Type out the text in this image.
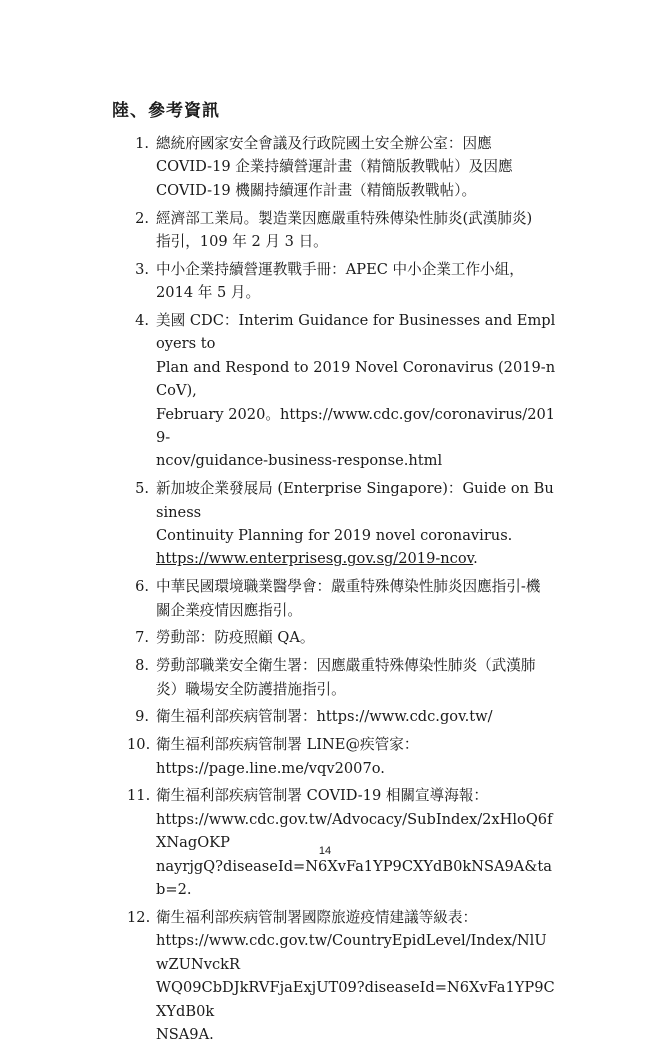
陸、參考資訊
1. 總統府國家安全會議及行政院國土安全辦公室：因應
COVID-19 企業持續營運計畫（精簡版教戰帖）及因應
COVID-19 機關持續運作計畫（精簡版教戰帖）。
2. 經濟部工業局。製造業因應嚴重特殊傳染性肺炎(武漢肺炎)
指引，109 年 2 月 3 日。
3. 中小企業持續營運教戰手冊：APEC 中小企業工作小組，
2014 年 5 月。
4. 美國 CDC：Interim Guidance for Businesses and Employers to
Plan and Respond to 2019 Novel Coronavirus (2019-nCoV),
February 2020。https://www.cdc.gov/coronavirus/2019-
ncov/guidance-business-response.html
5. 新加坡企業發展局 (Enterprise Singapore)：Guide on Business
Continuity Planning for 2019 novel coronavirus.
https://www.enterprisesg.gov.sg/2019-ncov.
6. 中華民國環境職業醫學會：嚴重特殊傳染性肺炎因應指引-機
關企業疫情因應指引。
7. 勞動部：防疫照顧 QA。
8. 勞動部職業安全衛生署：因應嚴重特殊傳染性肺炎（武漢肺
炎）職場安全防護措施指引。
9. 衛生福利部疾病管制署：https://www.cdc.gov.tw/
10. 衛生福利部疾病管制署 LINE@疾管家：
https://page.line.me/vqv2007o.
11. 衛生福利部疾病管制署 COVID-19 相關宣導海報：
https://www.cdc.gov.tw/Advocacy/SubIndex/2xHloQ6fXNagOKP
nayrjgQ?diseaseId=N6XvFa1YP9CXYdB0kNSA9A&tab=2.
12. 衛生福利部疾病管制署國際旅遊疫情建議等級表：
https://www.cdc.gov.tw/CountryEpidLevel/Index/NlUwZUNvckR
WQ09CbDJkRVFjaExjUT09?diseaseId=N6XvFa1YP9CXYdB0k
NSA9A.
14
